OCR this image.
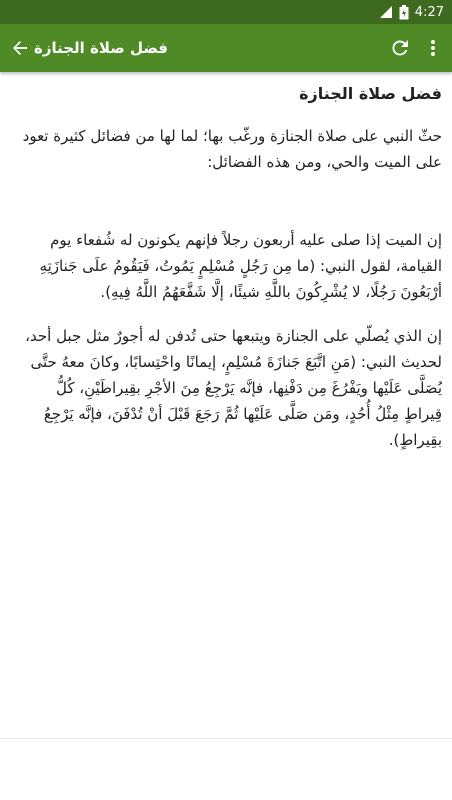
4:27
فضل صلاة الجنازة
فضل صلاة الجنازة

حثّ النبي على صلاة الجنازة ورغّب بها؛ لما لها من فضائل كثيرة تعود على الميت والحي، ومن هذه الفضائل:

إن الميت إذا صلى عليه أربعون رجلاً فإنهم يكونون له شُفعاء يوم القيامة، لقول النبي: (ما مِن رَجُلٍ مُسْلِمٍ يَمُوتُ، فَيَقُومُ علَى جَنازَتِهِ أرْبَعُونَ رَجُلًا، لا يُشْرِكُونَ باللَّهِ شيئًا، إلَّا شَفَّعَهُمُ اللَّهُ فِيهِ).

إن الذي يُصلّي على الجنازة ويتبعها حتى تُدفن له أجورٌ مثل جبل أحد، لحديث النبي: (مَنِ اتَّبَعَ جَنازَةَ مُسْلِمٍ، إيمانًا واحْتِسابًا، وكانَ معهُ حتَّى يُصَلَّى عَلَيْها ويَفْرُغَ مِن دَفْنِها، فإنَّه يَرْجِعُ مِنَ الأجْرِ بقِيراطَيْنِ، كُلُّ قِيراطٍ مِثْلُ أُحُدٍ، ومَن صَلَّى عَلَيْها ثُمَّ رَجَعَ قَبْلَ أنْ تُدْفَنَ، فإنَّه يَرْجِعُ بقِيراطٍ).
